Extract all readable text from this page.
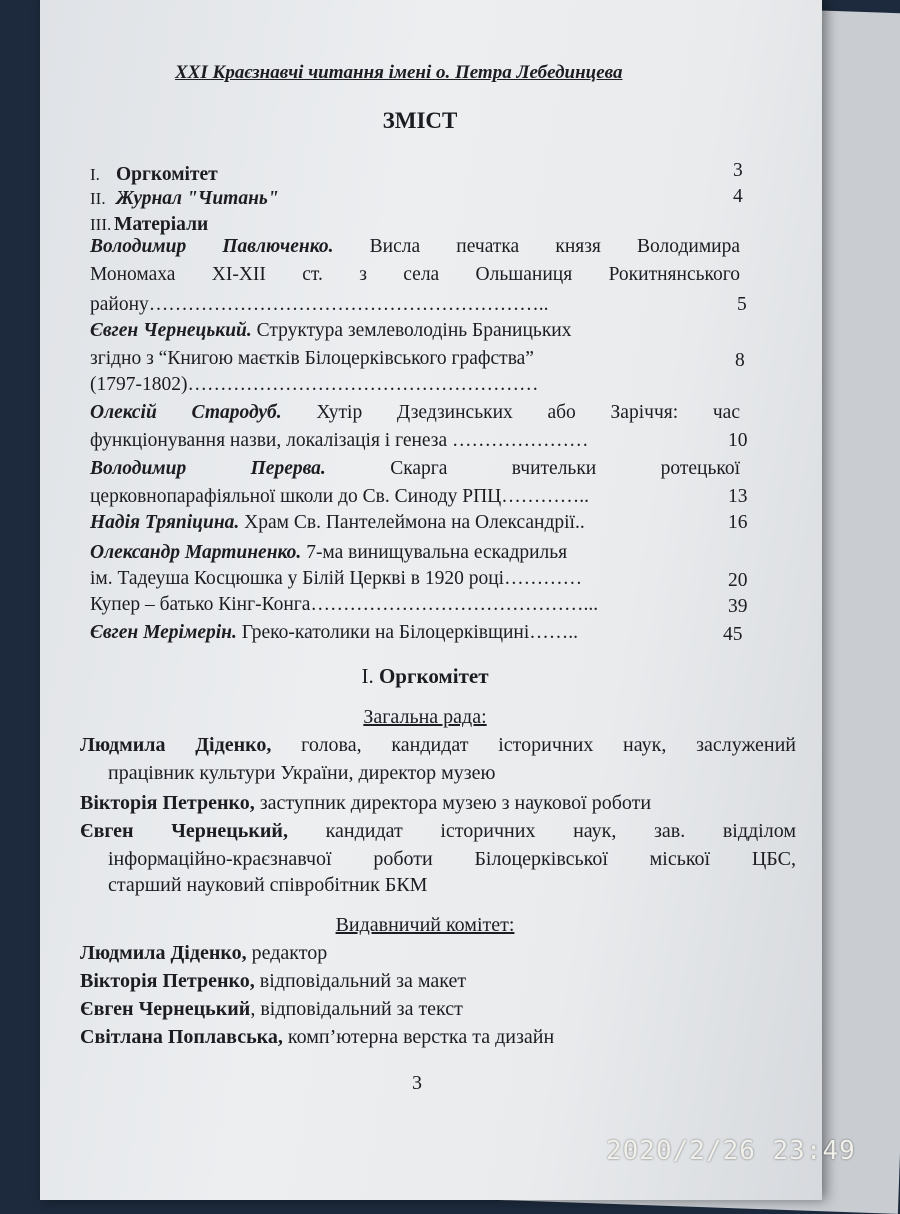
XXI Краєзнавчі читання імені о. Петра Лебединцева
ЗМІСТ
I. Оргкомітет	3
II. Журнал "Читань"	4
III. Матеріали
Володимир Павлюченко. Висла печатка князя Володимира
Мономаха XI-XII ст. з села Ольшаниця Рокитнянського
району……………………………………………………..	5
Євген Чернецький. Структура землеволодінь Браницьких
згідно з “Книгою маєтків Білоцерківського графства”
(1797-1802)………………………………………………
8
Олексій Стародуб. Хутір Дзедзинських або Заріччя: час
функціонування назви, локалізація і генеза …………………	10
Володимир Перерва.	Скарга вчительки ротецької
церковнопарафіяльної школи до Св. Синоду РПЦ…………..	13
Надія Тряпіцина. Храм Св. Пантелеймона на Олександрії..	16
Олександр Мартиненко. 7-ма винищувальна ескадрилья
ім. Тадеуша Косцюшка у Білій Церкві в 1920 році…………	20
Купер – батько Кінг-Конга……………………………………...	39
Євген Мерімерін. Греко-католики на Білоцерківщині……..	45
I. Оргкомітет
Загальна рада:
Людмила Діденко, голова, кандидат історичних наук, заслужений
працівник культури України, директор музею
Вікторія Петренко, заступник директора музею з наукової роботи
Євген Чернецький, кандидат історичних наук, зав. відділом
інформаційно-краєзнавчої роботи Білоцерківської міської ЦБС,
старший науковий співробітник БКМ
Видавничий комітет:
Людмила Діденко, редактор
Вікторія Петренко, відповідальний за макет
Євген Чернецький, відповідальний за текст
Світлана Поплавська, комп’ютерна верстка та дизайн
3
2020/2/26 23:49
